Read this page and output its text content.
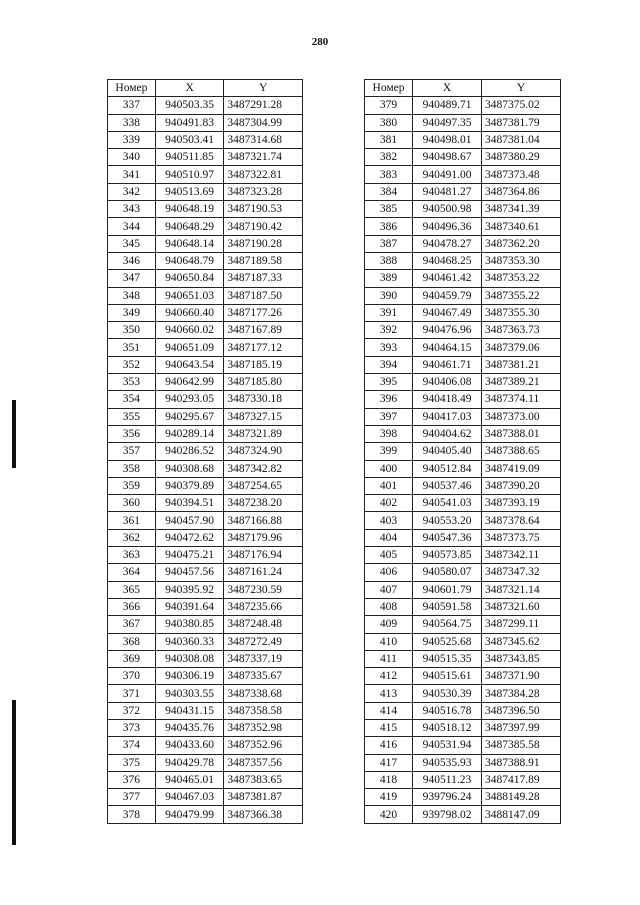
280
Номер	X	Y
337	940503.35	3487291.28
338	940491.83	3487304.99
339	940503.41	3487314.68
340	940511.85	3487321.74
341	940510.97	3487322.81
342	940513.69	3487323.28
343	940648.19	3487190.53
344	940648.29	3487190.42
345	940648.14	3487190.28
346	940648.79	3487189.58
347	940650.84	3487187.33
348	940651.03	3487187.50
349	940660.40	3487177.26
350	940660.02	3487167.89
351	940651.09	3487177.12
352	940643.54	3487185.19
353	940642.99	3487185.80
354	940293.05	3487330.18
355	940295.67	3487327.15
356	940289.14	3487321.89
357	940286.52	3487324.90
358	940308.68	3487342.82
359	940379.89	3487254.65
360	940394.51	3487238.20
361	940457.90	3487166.88
362	940472.62	3487179.96
363	940475.21	3487176.94
364	940457.56	3487161.24
365	940395.92	3487230.59
366	940391.64	3487235.66
367	940380.85	3487248.48
368	940360.33	3487272.49
369	940308.08	3487337.19
370	940306.19	3487335.67
371	940303.55	3487338.68
372	940431.15	3487358.58
373	940435.76	3487352.98
374	940433.60	3487352.96
375	940429.78	3487357.56
376	940465.01	3487383.65
377	940467.03	3487381.87
378	940479.99	3487366.38
Номер	X	Y
379	940489.71	3487375.02
380	940497.35	3487381.79
381	940498.01	3487381.04
382	940498.67	3487380.29
383	940491.00	3487373.48
384	940481.27	3487364.86
385	940500.98	3487341.39
386	940496.36	3487340.61
387	940478.27	3487362.20
388	940468.25	3487353.30
389	940461.42	3487353.22
390	940459.79	3487355.22
391	940467.49	3487355.30
392	940476.96	3487363.73
393	940464.15	3487379.06
394	940461.71	3487381.21
395	940406.08	3487389.21
396	940418.49	3487374.11
397	940417.03	3487373.00
398	940404.62	3487388.01
399	940405.40	3487388.65
400	940512.84	3487419.09
401	940537.46	3487390.20
402	940541.03	3487393.19
403	940553.20	3487378.64
404	940547.36	3487373.75
405	940573.85	3487342.11
406	940580.07	3487347.32
407	940601.79	3487321.14
408	940591.58	3487321.60
409	940564.75	3487299.11
410	940525.68	3487345.62
411	940515.35	3487343.85
412	940515.61	3487371.90
413	940530.39	3487384.28
414	940516.78	3487396.50
415	940518.12	3487397.99
416	940531.94	3487385.58
417	940535.93	3487388.91
418	940511.23	3487417.89
419	939796.24	3488149.28
420	939798.02	3488147.09
